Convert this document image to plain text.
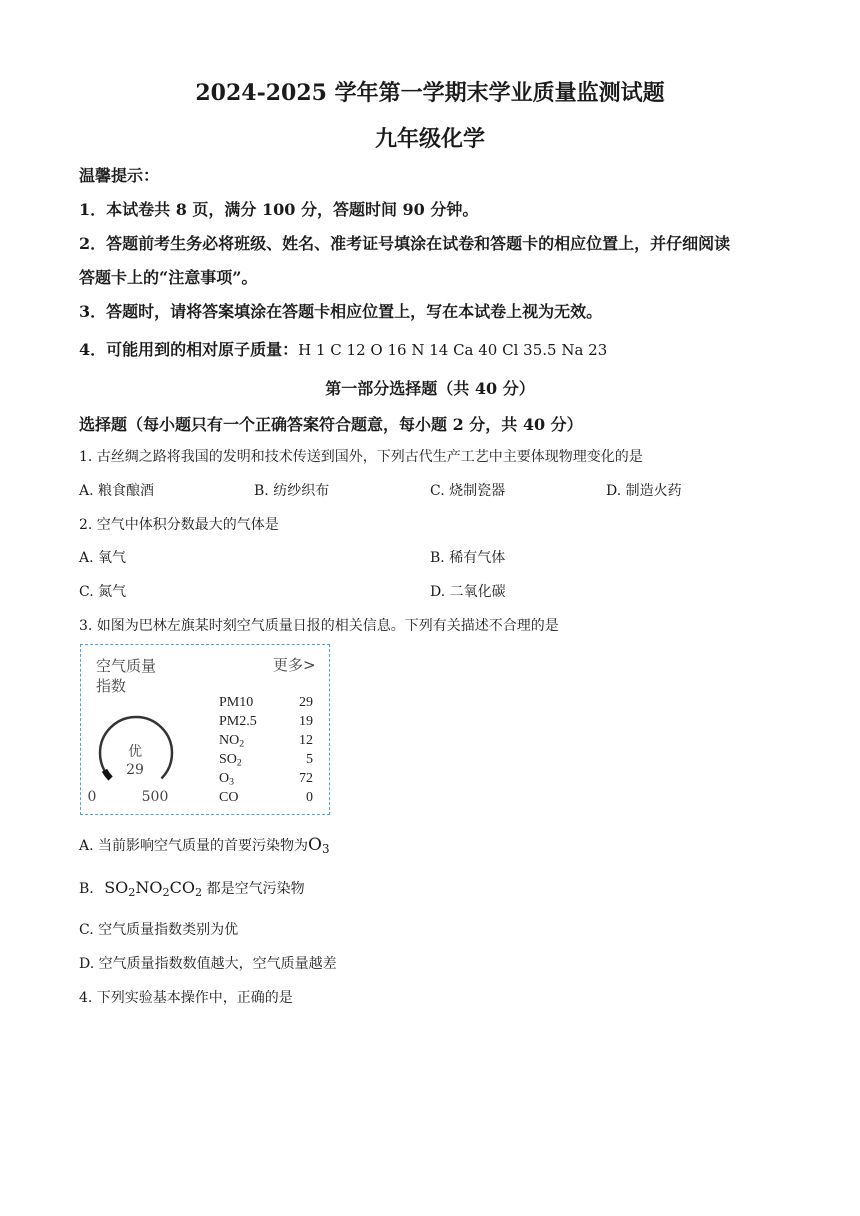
2024-2025 学年第一学期末学业质量监测试题
九年级化学
温馨提示：
1．本试卷共 8 页，满分 100 分，答题时间 90 分钟。
2．答题前考生务必将班级、姓名、准考证号填涂在试卷和答题卡的相应位置上，并仔细阅读
答题卡上的“注意事项”。
3．答题时，请将答案填涂在答题卡相应位置上，写在本试卷上视为无效。
4．可能用到的相对原子质量：H 1 C 12 O 16 N 14 Ca 40 Cl 35.5 Na 23
第一部分选择题（共 40 分）
选择题（每小题只有一个正确答案符合题意，每小题 2 分，共 40 分）
1. 古丝绸之路将我国的发明和技术传送到国外，下列古代生产工艺中主要体现物理变化的是
A. 粮食酿酒	B. 纺纱织布	C. 烧制瓷器	D. 制造火药
2. 空气中体积分数最大的气体是
A. 氧气	B. 稀有气体
C. 氮气	D. 二氧化碳
3. 如图为巴林左旗某时刻空气质量日报的相关信息。下列有关描述不合理的是
空气质量
指数
更多>
优
29
0	500
PM10	29
PM2.5	19
$NO_2$	12
$SO_2$	5
$O_3$	72
CO	0
A. 当前影响空气质量的首要污染物为$O_3$
B. $SO_2NO_2CO_2$ 都是空气污染物
C. 空气质量指数类别为优
D. 空气质量指数数值越大，空气质量越差
4. 下列实验基本操作中，正确的是
